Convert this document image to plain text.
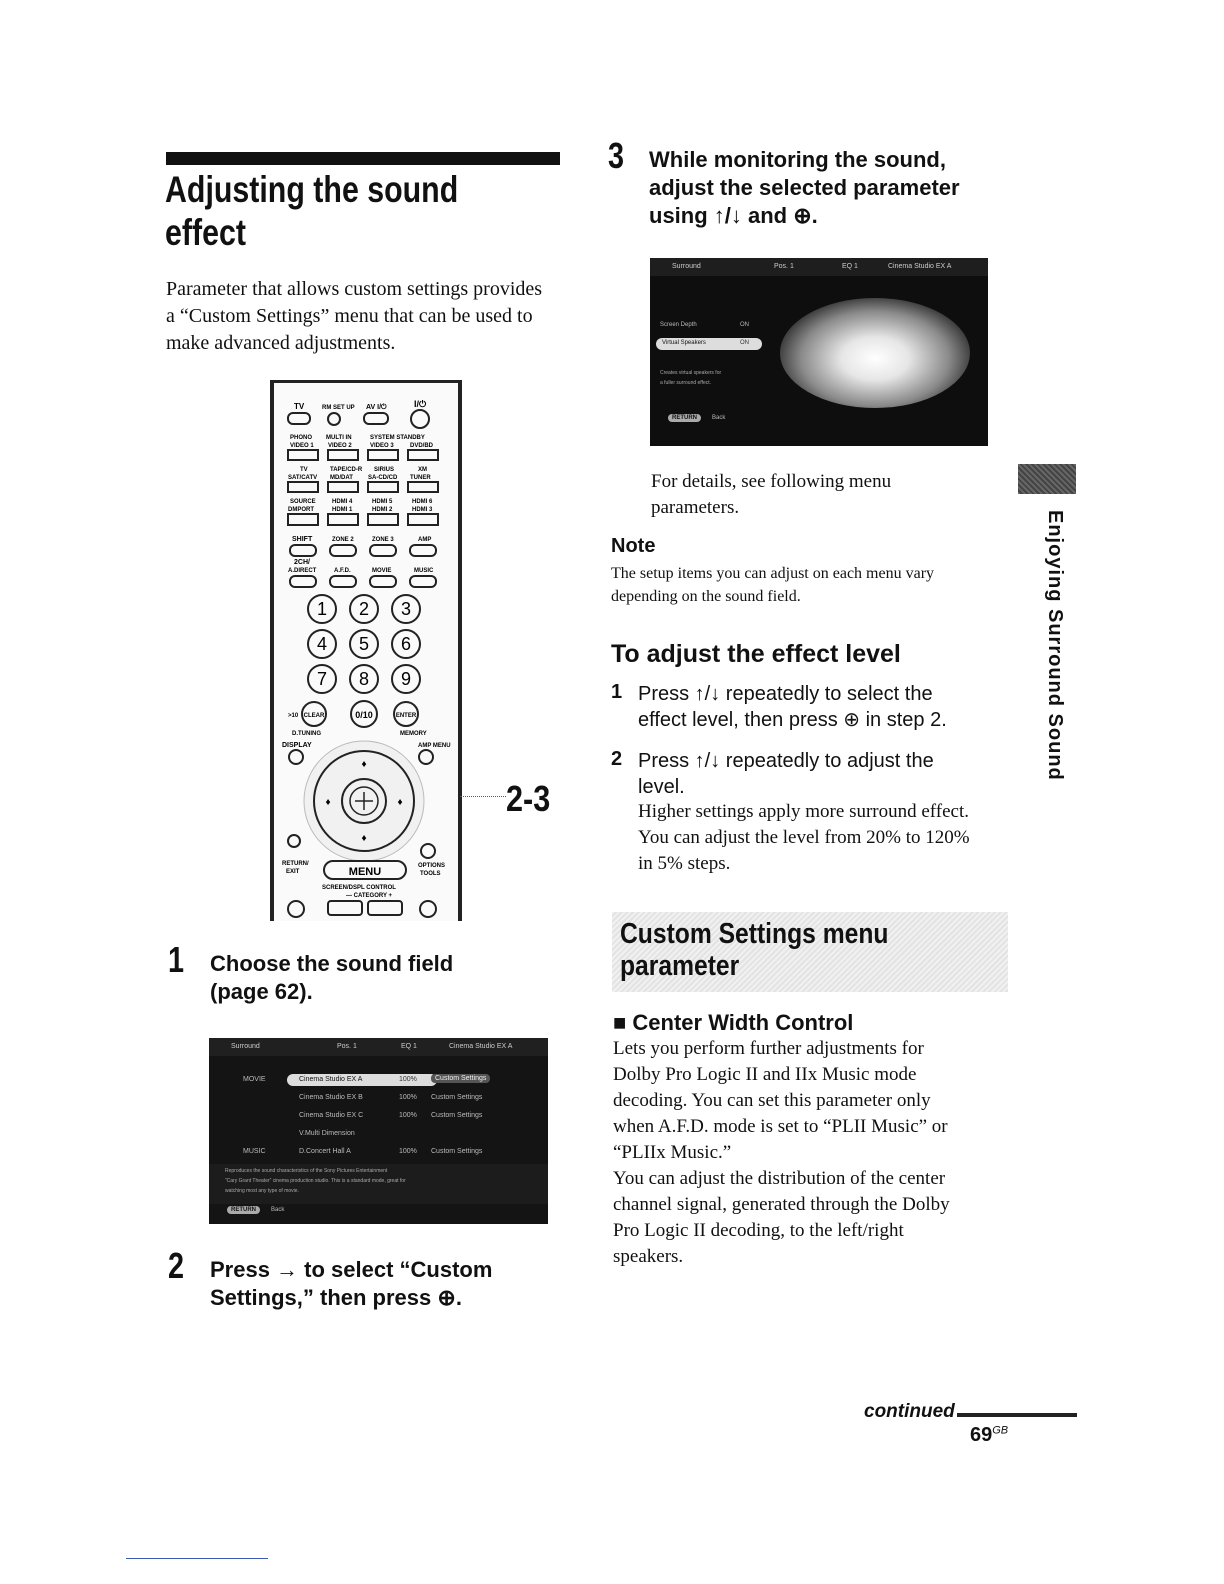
Adjusting the sound
effect
Parameter that allows custom settings provides
a “Custom Settings” menu that can be used to
make advanced adjustments.
TV	RM SET UP AV I/⏻	I/⏻
PHONO MULTI IN	SYSTEM STANDBY
VIDEO 1 VIDEO 2	VIDEO 3	DVD/BD
TV	TAPE/CD-R SIRIUS	XM
SAT/CATV MD/DAT	SA-CD/CD TUNER
SOURCE	HDMI 4	HDMI 5	HDMI 6
DMPORT	HDMI 1	HDMI 2	HDMI 3
SHIFT	ZONE 2	ZONE 3	AMP
2CH/
A.DIRECT	A.F.D.	MOVIE	MUSIC
1 2 3
4 5 6
7 8 9
>10 CLEAR	0/10	ENTER
D.TUNING	MEMORY
DISPLAY	AMP MENU
♦
♦
♦	♦
RETURN/
EXIT
OPTIONS
TOOLS
MENU
SCREEN/DSPL CONTROL
— CATEGORY +
2-3
1 Choose the sound field
(page 62).
Surround	Pos. 1	EQ 1	Cinema Studio EX A
MOVIE	Cinema Studio EX A	100%	Custom Settings
Cinema Studio EX B	100% Custom Settings
Cinema Studio EX C	100% Custom Settings
V.Multi Dimension
MUSIC	D.Concert Hall A	100% Custom Settings
Reproduces the sound characteristics of the Sony Pictures Entertainment
“Cary Grant Theater” cinema production studio. This is a standard mode, great for
watching most any type of movie.
RETURN	Back
2 Press → to select “Custom
Settings,” then press ⊕.
3 While monitoring the sound,
adjust the selected parameter
using ↑/↓ and ⊕.
Surround	Pos. 1	EQ 1	Cinema Studio EX A
Screen Depth	ON
Virtual Speakers	ON
Creates virtual speakers for
a fuller surround effect.
RETURN	Back
For details, see following menu
parameters.
Note
The setup items you can adjust on each menu vary
depending on the sound field.
To adjust the effect level
1 Press ↑/↓ repeatedly to select the
effect level, then press ⊕ in step 2.
2 Press ↑/↓ repeatedly to adjust the
level.
Higher settings apply more surround effect.
You can adjust the level from 20% to 120%
in 5% steps.
Custom Settings menu
parameter
■ Center Width Control
Lets you perform further adjustments for
Dolby Pro Logic II and IIx Music mode
decoding. You can set this parameter only
when A.F.D. mode is set to “PLII Music” or
“PLIIx Music.”
You can adjust the distribution of the center
channel signal, generated through the Dolby
Pro Logic II decoding, to the left/right
speakers.
Enjoying Surround Sound
continued
$69^{GB}$
